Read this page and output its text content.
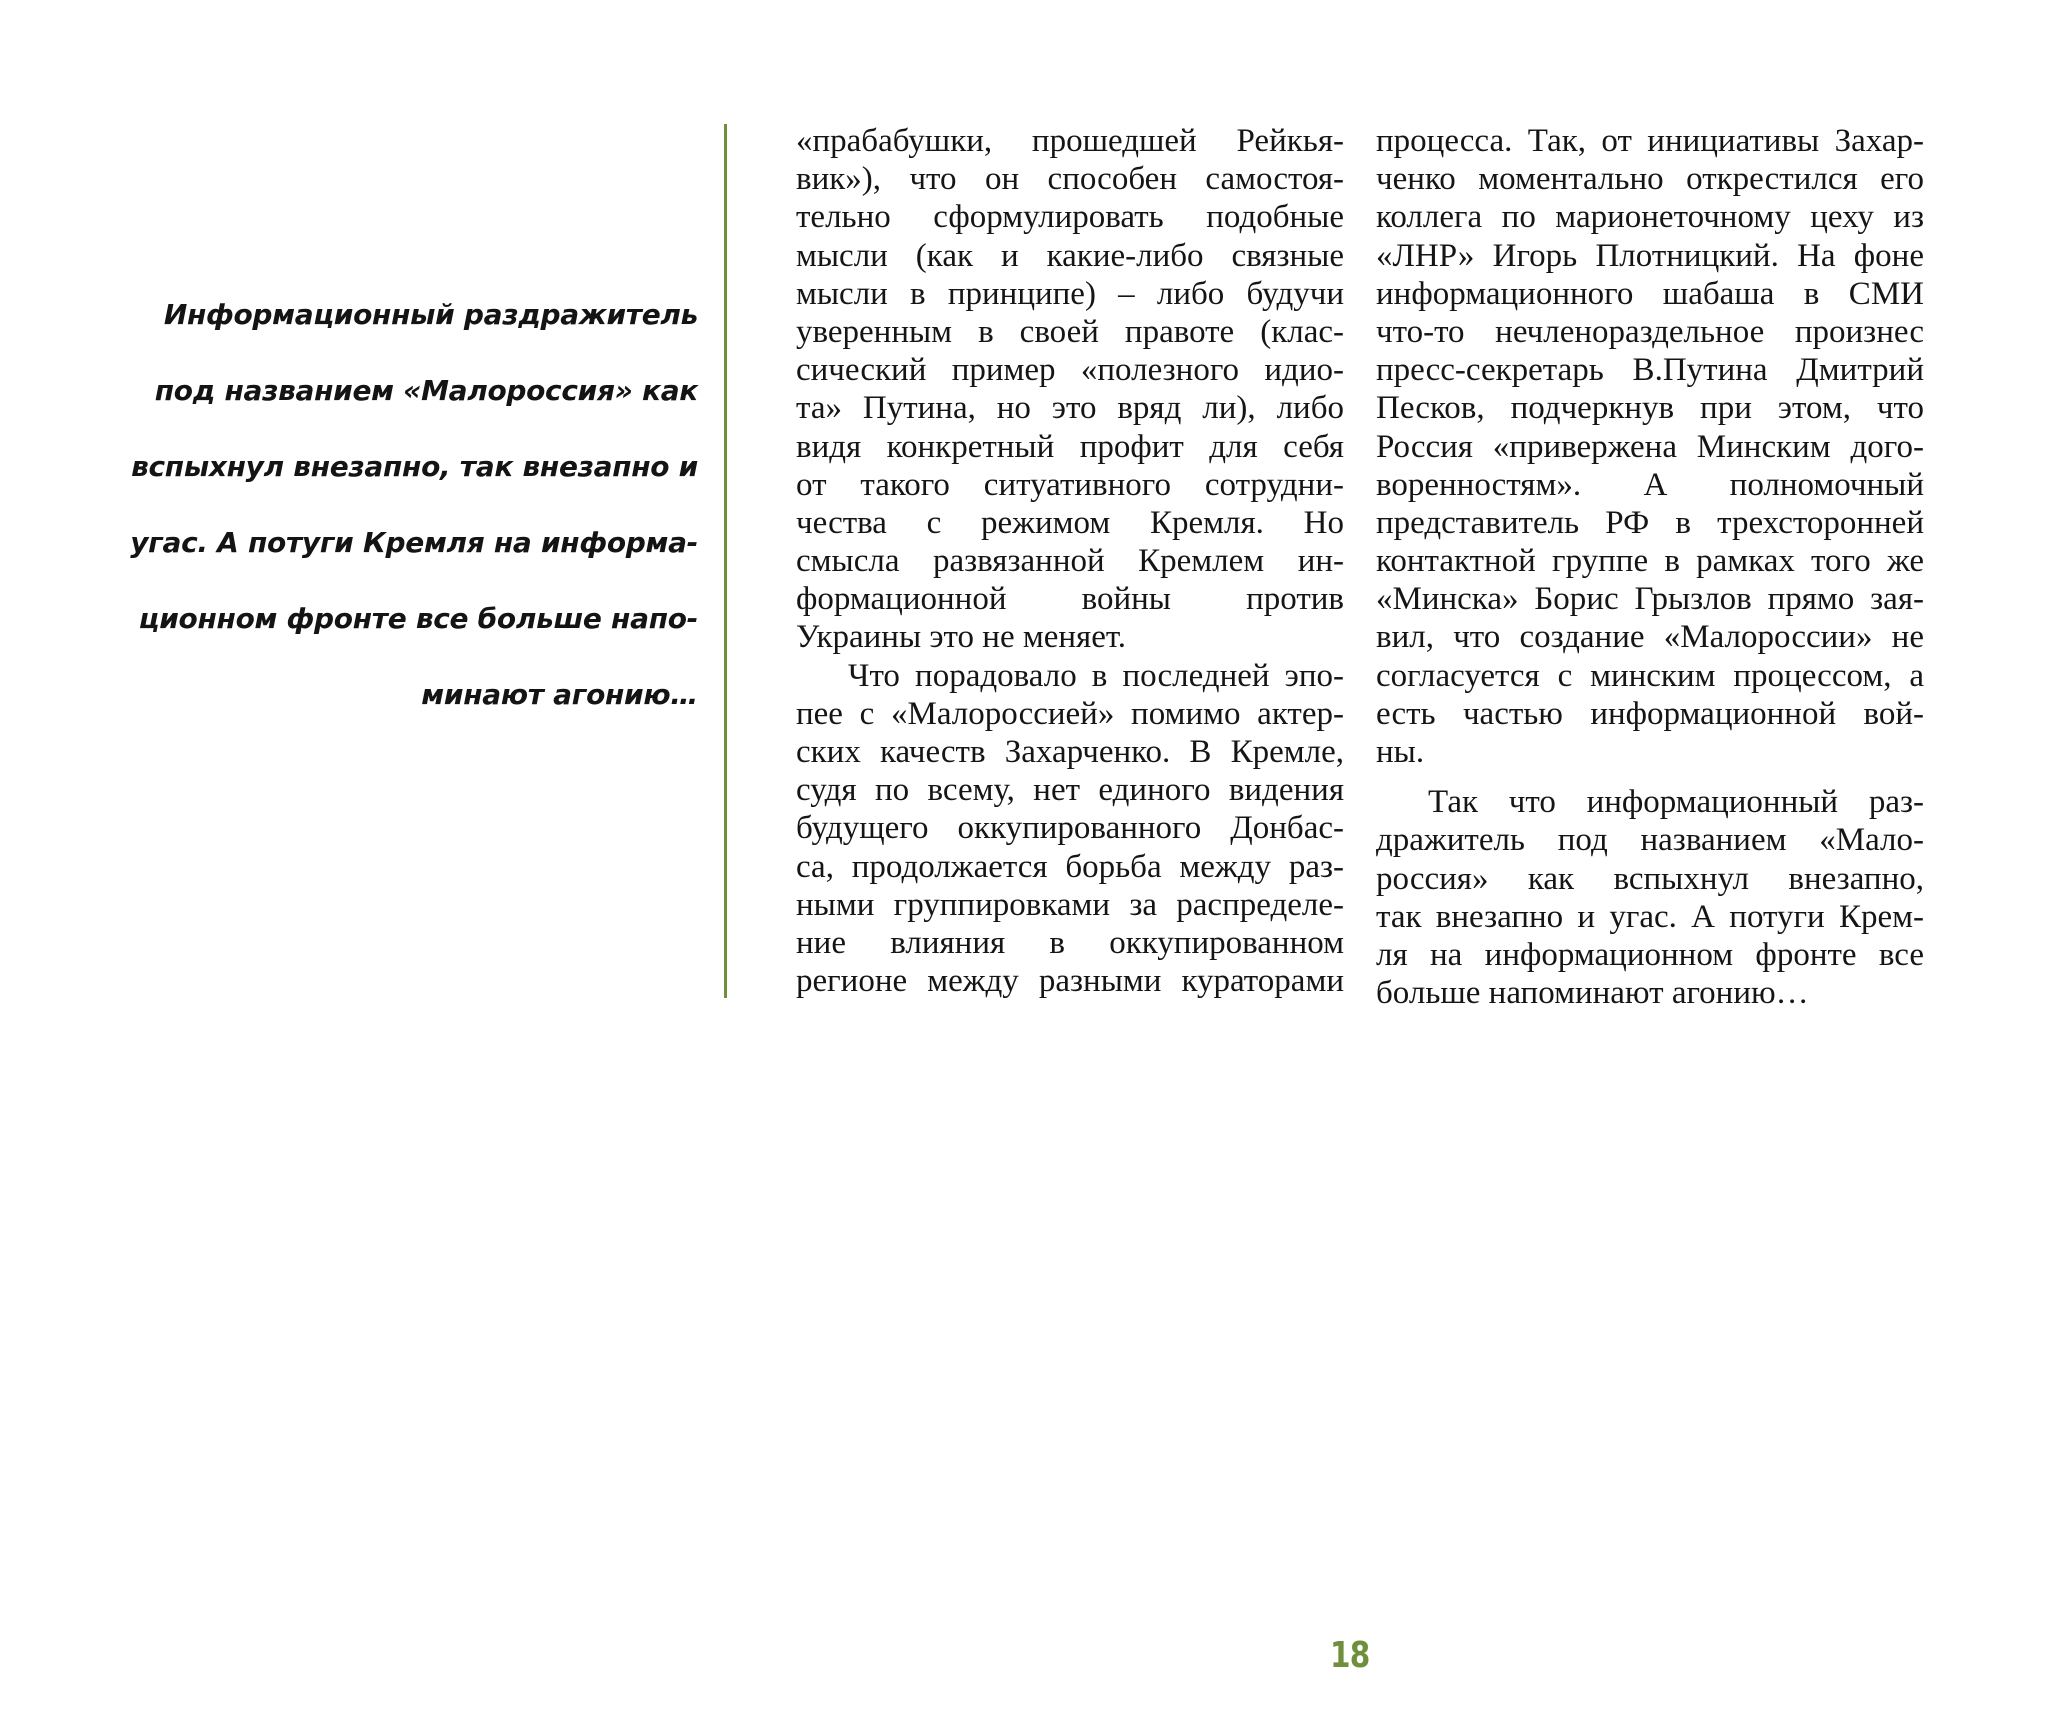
Информационный раздражитель

под названием «Малороссия» как

вспыхнул внезапно, так внезапно и

угас. А потуги Кремля на информа-

ционном фронте все больше напо-

минают агонию…

«прабабушки, прошедшей Рейкья-
вик»), что он способен самостоя-
тельно сформулировать подобные
мысли (как и какие-либо связные
мысли в принципе) – либо будучи
уверенным в своей правоте (клас-
сический пример «полезного идио-
та» Путина, но это вряд ли), либо
видя конкретный профит для себя
от такого ситуативного сотрудни-
чества с режимом Кремля. Но
смысла развязанной Кремлем ин-
формационной войны против
Украины это не меняет.
Что порадовало в последней эпо-
пее с «Малороссией» помимо актер-
ских качеств Захарченко. В Кремле,
судя по всему, нет единого видения
будущего оккупированного Донбас-
са, продолжается борьба между раз-
ными группировками за распределе-
ние влияния в оккупированном
регионе между разными кураторами
процесса. Так, от инициативы Захар-
ченко моментально открестился его
коллега по марионеточному цеху из
«ЛНР» Игорь Плотницкий. На фоне
информационного шабаша в СМИ
что-то нечленораздельное произнес
пресс-секретарь В.Путина Дмитрий
Песков, подчеркнув при этом, что
Россия «привержена Минским дого-
воренностям». А полномочный
представитель РФ в трехсторонней
контактной группе в рамках того же
«Минска» Борис Грызлов прямо зая-
вил, что создание «Малороссии» не
согласуется с минским процессом, а
есть частью информационной вой-
ны.
Так что информационный раз-
дражитель под названием «Мало-
россия» как вспыхнул внезапно,
так внезапно и угас. А потуги Крем-
ля на информационном фронте все
больше напоминают агонию…
18
